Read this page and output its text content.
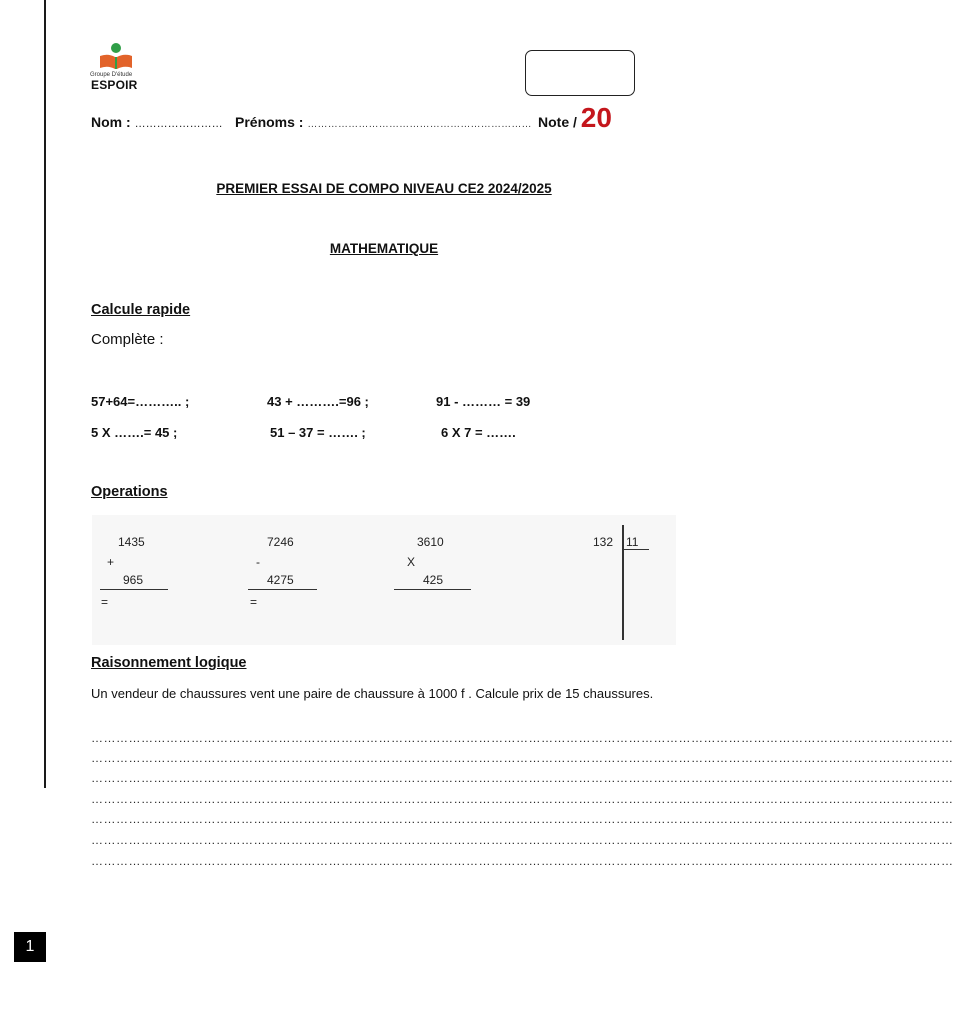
Groupe D'étude
ESPOIR
Nom : …………………… Prénoms : ………………………………………………………… Note / 20
PREMIER ESSAI DE COMPO NIVEAU CE2 2024/2025
MATHEMATIQUE
Calcule rapide
Complète :
57+64=……….. ;	43 + ……….=96 ;	91 - ……… = 39
5 X …….= 45 ;	51 – 37 = ……. ;	6 X 7 = …….
Operations
1435
+
965
=
7246
-
4275
=
3610
X
425
132 11
Raisonnement logique
Un vendeur de chaussures vent une paire de chaussure à 1000 f . Calcule prix de 15 chaussures.
………………………………………………………………………………………………………………………………………………………………………………………
………………………………………………………………………………………………………………………………………………………………………………………
………………………………………………………………………………………………………………………………………………………………………………………
………………………………………………………………………………………………………………………………………………………………………………………
………………………………………………………………………………………………………………………………………………………………………………………
………………………………………………………………………………………………………………………………………………………………………………………
………………………………………………………………………………………………………………………………………………………………………………………
1
